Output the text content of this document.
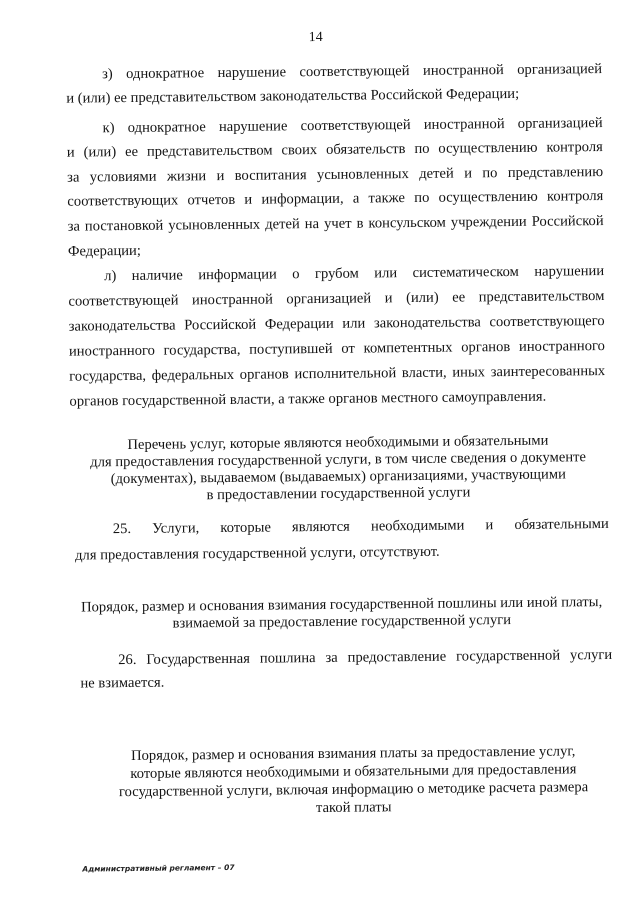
14
з) однократное нарушение соответствующей иностранной организацией
и (или) ее представительством законодательства Российской Федерации;
к) однократное нарушение соответствующей иностранной организацией
и (или) ее представительством своих обязательств по осуществлению контроля
за условиями жизни и воспитания усыновленных детей и по представлению
соответствующих отчетов и информации, а также по осуществлению контроля
за постановкой усыновленных детей на учет в консульском учреждении Российской
Федерации;
л) наличие информации о грубом или систематическом нарушении
соответствующей иностранной организацией и (или) ее представительством
законодательства Российской Федерации или законодательства соответствующего
иностранного государства, поступившей от компетентных органов иностранного
государства, федеральных органов исполнительной власти, иных заинтересованных
органов государственной власти, а также органов местного самоуправления.
Перечень услуг, которые являются необходимыми и обязательными
для предоставления государственной услуги, в том числе сведения о документе
(документах), выдаваемом (выдаваемых) организациями, участвующими
в предоставлении государственной услуги
25. Услуги, которые являются необходимыми и обязательными
для предоставления государственной услуги, отсутствуют.
Порядок, размер и основания взимания государственной пошлины или иной платы,
взимаемой за предоставление государственной услуги
26. Государственная пошлина за предоставление государственной услуги
не взимается.
Порядок, размер и основания взимания платы за предоставление услуг,
которые являются необходимыми и обязательными для предоставления
государственной услуги, включая информацию о методике расчета размера
такой платы
Административный регламент – 07
